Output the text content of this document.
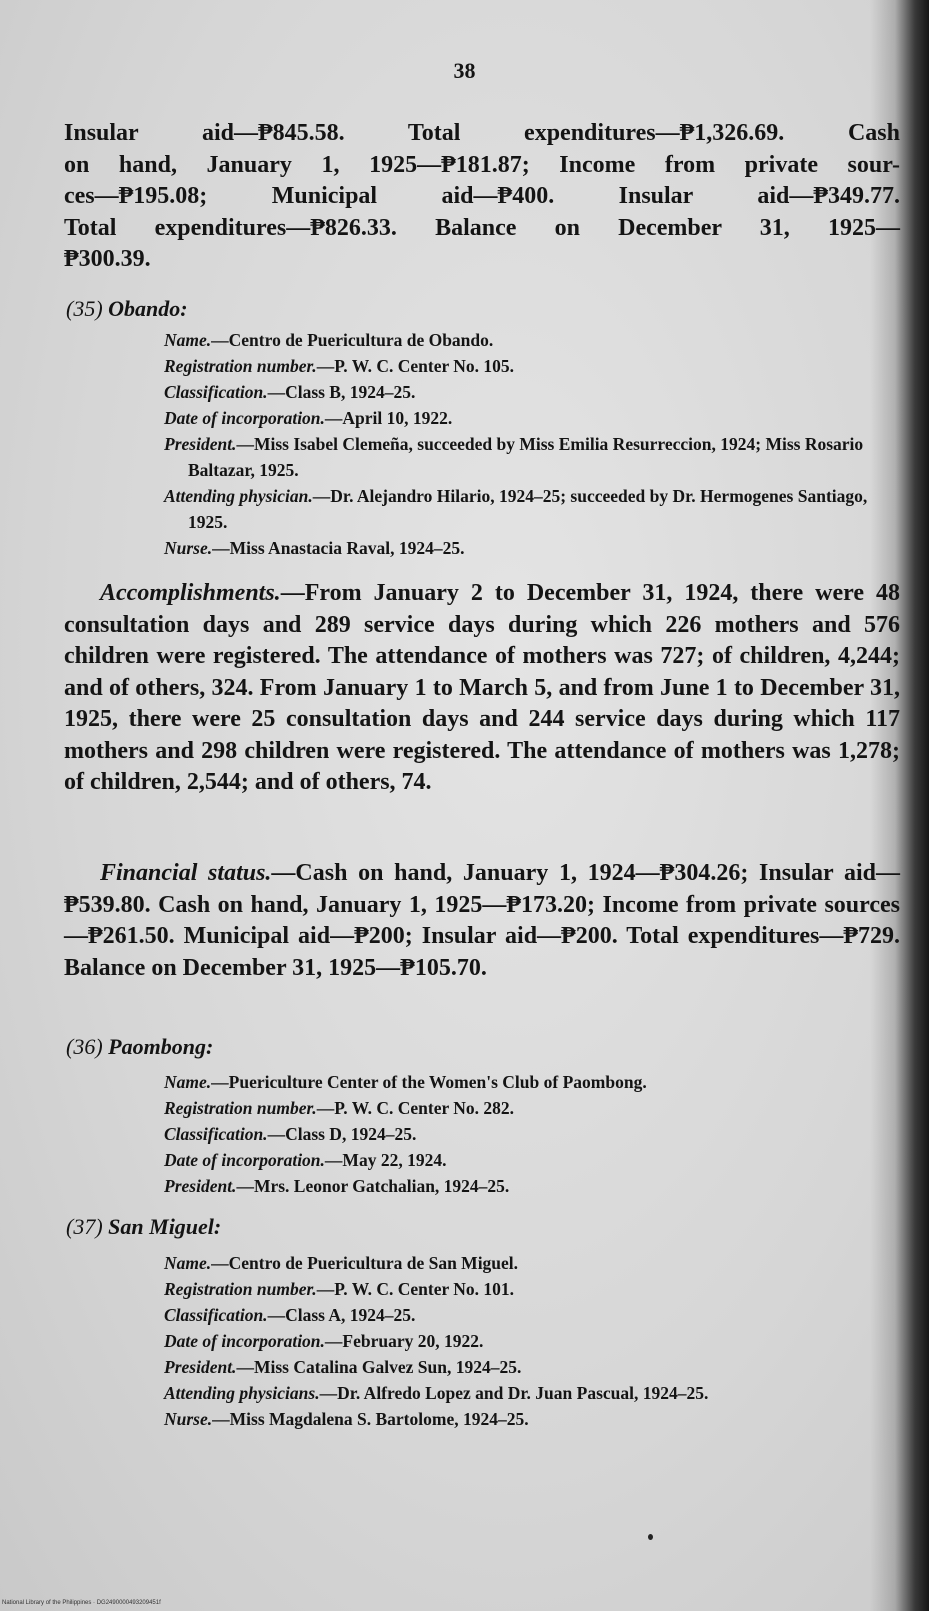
38

Insular aid—₱845.58. Total expenditures—₱1,326.69. Cash

on hand, January 1, 1925—₱181.87; Income from private sour-

ces—₱195.08; Municipal aid—₱400. Insular aid—₱349.77.

Total expenditures—₱826.33. Balance on December 31, 1925—

₱300.39.

(35) Obando:

Name.—Centro de Puericultura de Obando.

Registration number.—P. W. C. Center No. 105.

Classification.—Class B, 1924–25.

Date of incorporation.—April 10, 1922.

President.—Miss Isabel Clemeña, succeeded by Miss Emilia Resurreccion, 1924; Miss Rosario Baltazar, 1925.

Attending physician.—Dr. Alejandro Hilario, 1924–25; succeeded by Dr. Hermogenes Santiago, 1925.

Nurse.—Miss Anastacia Raval, 1924–25.

Accomplishments.—From January 2 to December 31, 1924, there were 48 consultation days and 289 service days during which 226 mothers and 576 children were registered. The attendance of mothers was 727; of children, 4,244; and of others, 324. From January 1 to March 5, and from June 1 to December 31, 1925, there were 25 consultation days and 244 service days during which 117 mothers and 298 children were registered. The attendance of mothers was 1,278; of children, 2,544; and of others, 74.

Financial status.—Cash on hand, January 1, 1924—₱304.26; Insular aid—₱539.80. Cash on hand, January 1, 1925—₱173.20; Income from private sources—₱261.50. Municipal aid—₱200; Insular aid—₱200. Total expenditures—₱729. Balance on December 31, 1925—₱105.70.

(36) Paombong:

Name.—Puericulture Center of the Women's Club of Paombong.

Registration number.—P. W. C. Center No. 282.

Classification.—Class D, 1924–25.

Date of incorporation.—May 22, 1924.

President.—Mrs. Leonor Gatchalian, 1924–25.

(37) San Miguel:

Name.—Centro de Puericultura de San Miguel.

Registration number.—P. W. C. Center No. 101.

Classification.—Class A, 1924–25.

Date of incorporation.—February 20, 1922.

President.—Miss Catalina Galvez Sun, 1924–25.

Attending physicians.—Dr. Alfredo Lopez and Dr. Juan Pascual, 1924–25.

Nurse.—Miss Magdalena S. Bartolome, 1924–25.

National Library of the Philippines · DG2490000493209451f
